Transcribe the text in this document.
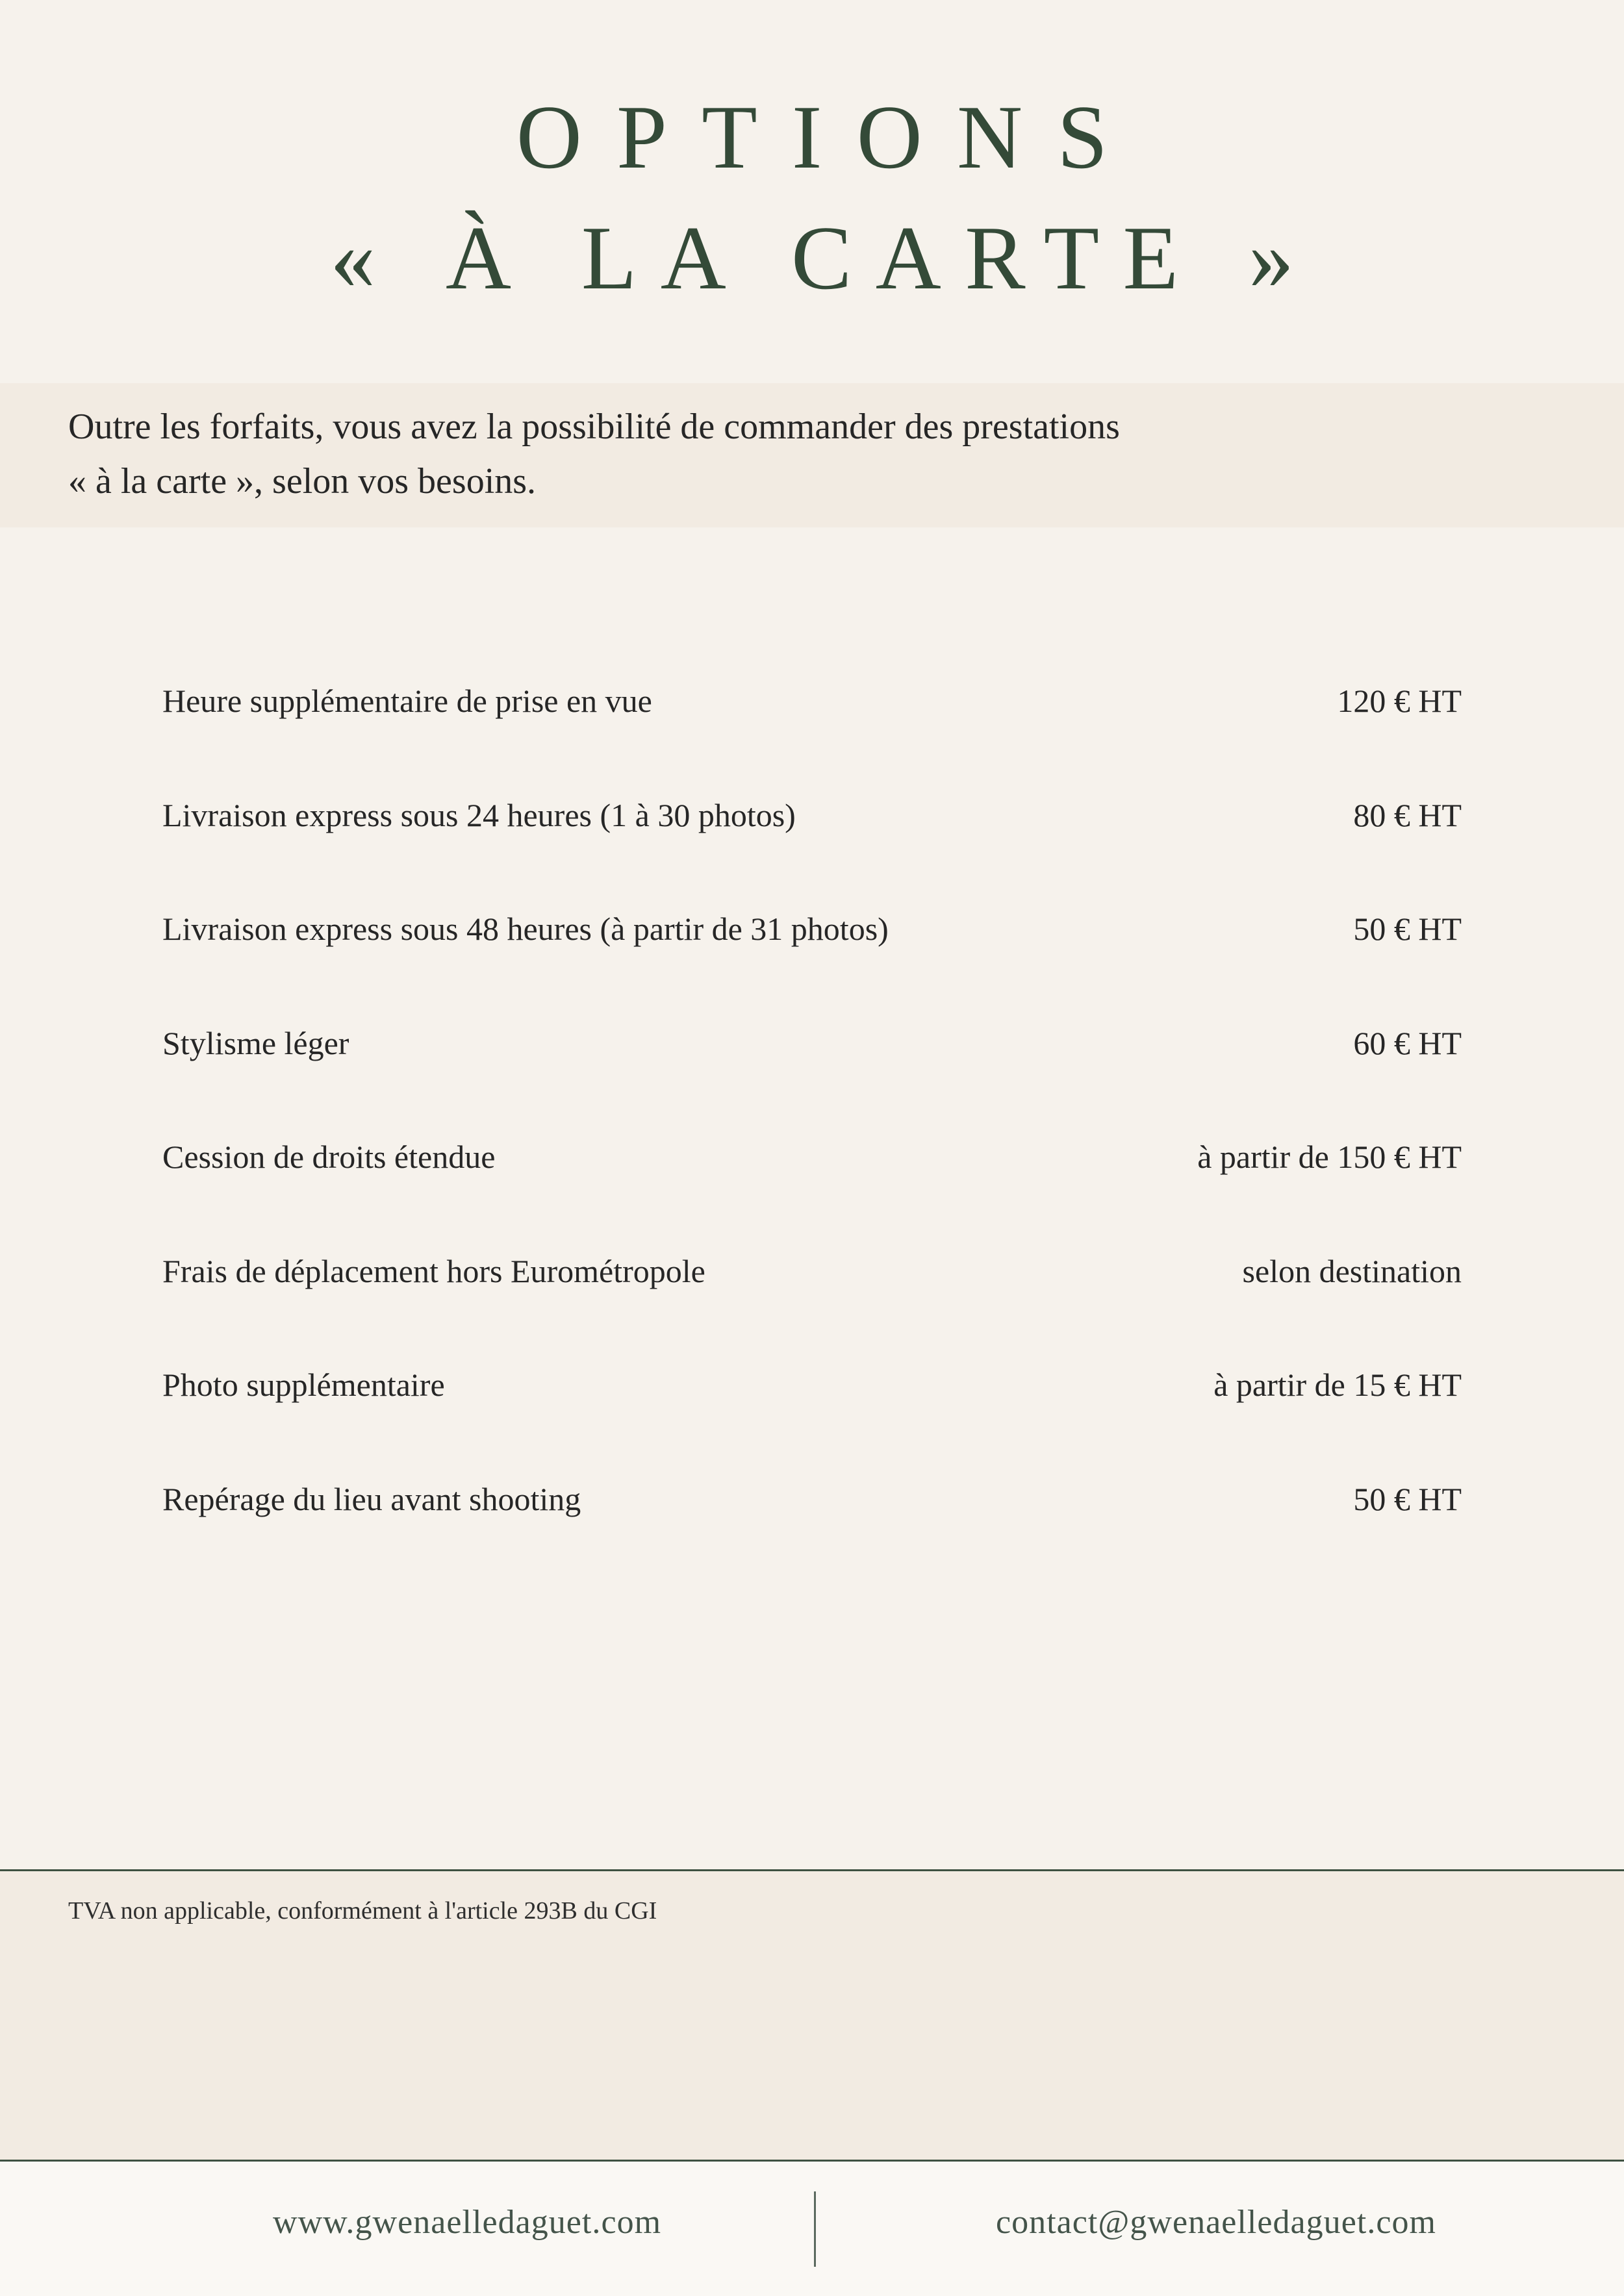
OPTIONS
« À LA CARTE »
Outre les forfaits, vous avez la possibilité de commander des prestations
« à la carte », selon vos besoins.
Heure supplémentaire de prise en vue	120 € HT
Livraison express sous 24 heures (1 à 30 photos)	80 € HT
Livraison express sous 48 heures (à partir de 31 photos)	50 € HT
Stylisme léger	60 € HT
Cession de droits étendue	à partir de 150 € HT
Frais de déplacement hors Eurométropole	selon destination
Photo supplémentaire	à partir de 15 € HT
Repérage du lieu avant shooting	50 € HT
TVA non applicable, conformément à l'article 293B du CGI
www.gwenaelledaguet.com	contact@gwenaelledaguet.com
